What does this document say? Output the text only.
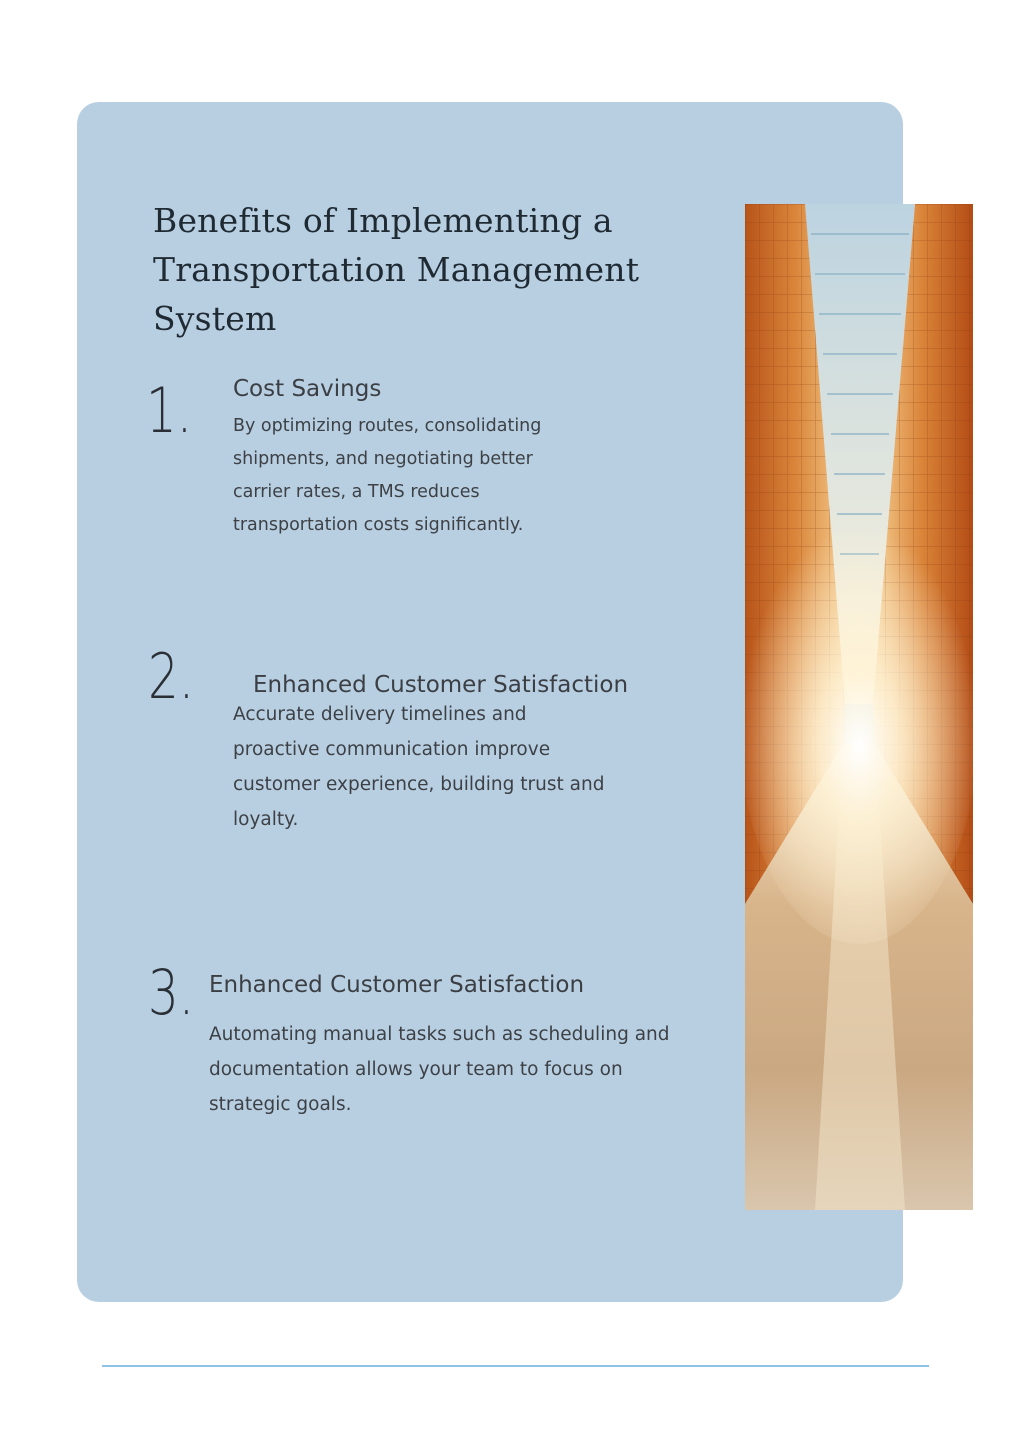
Benefits of Implementing a Transportation Management System
1. Cost Savings

By optimizing routes, consolidating shipments, and negotiating better carrier rates, a TMS reduces transportation costs significantly.

2.	Enhanced Customer Satisfaction

Accurate delivery timelines and proactive communication improve customer experience, building trust and loyalty.

3. Enhanced Customer Satisfaction

Automating manual tasks such as scheduling and documentation allows your team to focus on strategic goals.
